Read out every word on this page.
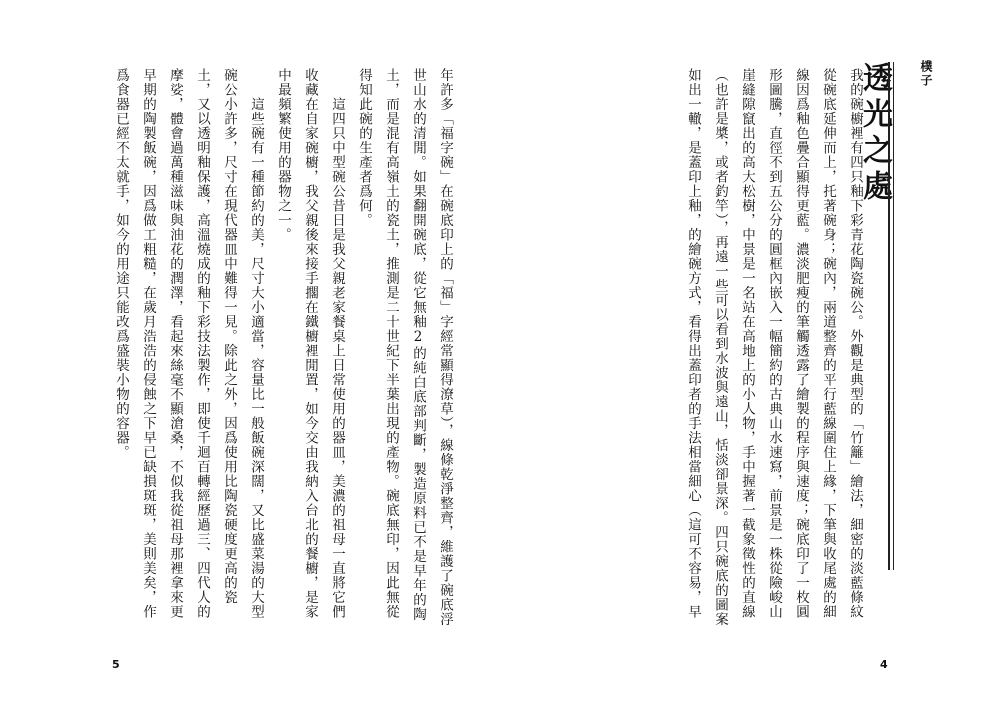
年許多「福字碗」在碗底印上的「福」字經常顯得潦草），線條乾淨整齊，維護了碗底浮世山水的清閒。如果翻開碗底，從它無釉2的純白底部判斷，製造原料已不是早年的陶土，而是混有高嶺土的瓷土，推測是二十世紀下半葉出現的產物。碗底無印，因此無從得知此碗的生產者爲何。
　　這四只中型碗公昔日是我父親老家餐桌上日常使用的器皿，美濃的祖母一直將它們收藏在自家碗櫥，我父親後來接手擱在鐵櫥裡閒置，如今交由我納入台北的餐櫥，是家中最頻繁使用的器物之一。
　　這些碗有一種節約的美，尺寸大小適當，容量比一般飯碗深闊，又比盛菜湯的大型碗公小許多，尺寸在現代器皿中難得一見。除此之外，因爲使用比陶瓷硬度更高的瓷土，又以透明釉保護，高溫燒成的釉下彩技法製作，即使千迴百轉經歷過三、四代人的摩娑，體會過萬種滋味與油花的潤澤，看起來絲毫不顯滄桑，不似我從祖母那裡拿來更早期的陶製飯碗，因爲做工粗糙，在歲月浩浩的侵蝕之下早已缺損斑斑，美則美矣，作爲食器已經不太就手，如今的用途只能改爲盛裝小物的容器。
5
我的碗櫥裡有四只釉下彩青花陶瓷碗公。外觀是典型的「竹籬」繪法，細密的淡藍條紋從碗底延伸而上，托著碗身；碗內，兩道整齊的平行藍線圍住上緣，下筆與收尾處的細線因爲釉色疊合顯得更藍。濃淡肥瘦的筆觸透露了繪製的程序與速度；碗底印了一枚圓形圖騰，直徑不到五公分的圓框內嵌入一幅簡約的古典山水速寫，前景是一株從險峻山崖縫隙竄出的高大松樹，中景是一名站在高地上的小人物，手中握著一截象徵性的直線（也許是槳，或者釣竿），再遠一些可以看到水波與遠山，恬淡卻景深。四只碗底的圖案如出一轍，是蓋印上釉，的繪碗方式，看得出蓋印者的手法相當細心（這可不容易，早	透光之處	樸子
4
